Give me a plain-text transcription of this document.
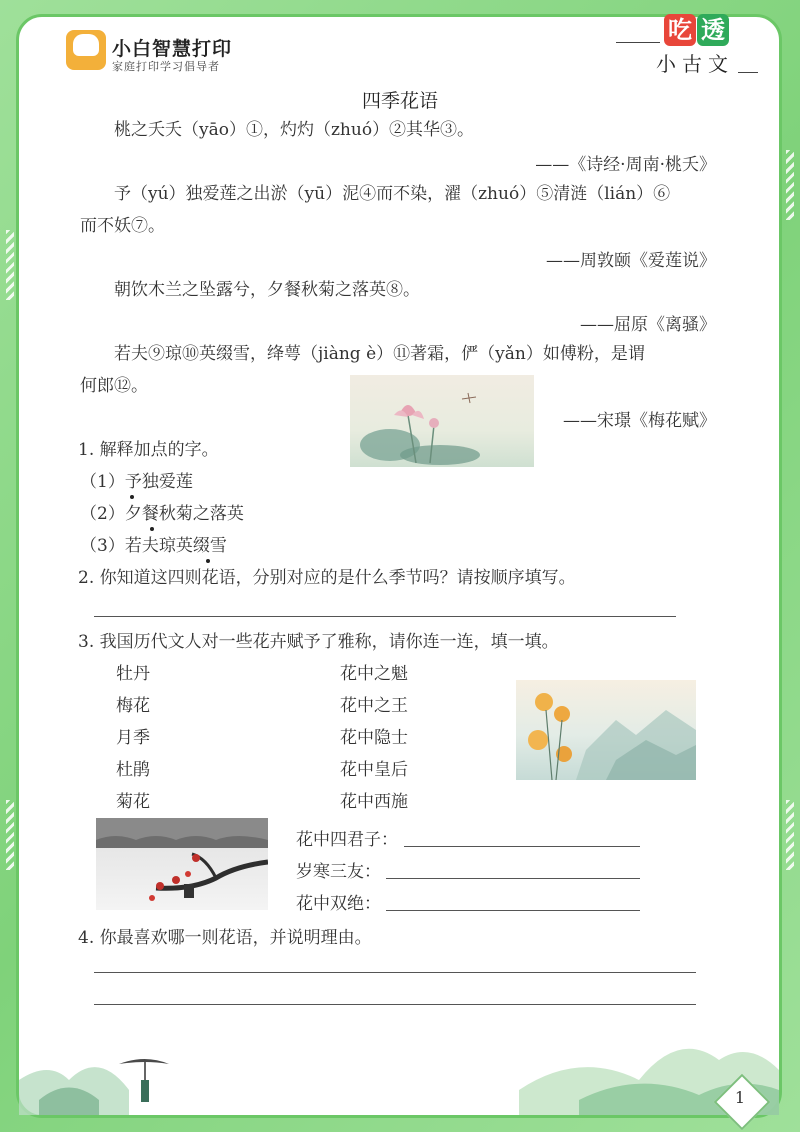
小白智慧打印
家庭打印学习倡导者
吃 透
小古文
四季花语
桃之夭夭（yāo）①，灼灼（zhuó）②其华③。
——《诗经·周南·桃夭》
予（yú）独爱莲之出淤（yū）泥④而不染，濯（zhuó）⑤清涟（lián）⑥
而不妖⑦。
——周敦颐《爱莲说》
朝饮木兰之坠露兮，夕餐秋菊之落英⑧。
——屈原《离骚》
若夫⑨琼⑩英缀雪，绛萼（jiàng è）⑪著霜，俨（yǎn）如傅粉，是谓
何郎⑫。
——宋璟《梅花赋》
1. 解释加点的字。
（1）予独爱莲
（2）夕餐秋菊之落英
（3）若夫琼英缀雪
2. 你知道这四则花语，分别对应的是什么季节吗？请按顺序填写。
3. 我国历代文人对一些花卉赋予了雅称，请你连一连，填一填。
牡丹
梅花
月季
杜鹃
菊花
花中之魁
花中之王
花中隐士
花中皇后
花中西施
花中四君子：
岁寒三友：
花中双绝：
4. 你最喜欢哪一则花语，并说明理由。
1
